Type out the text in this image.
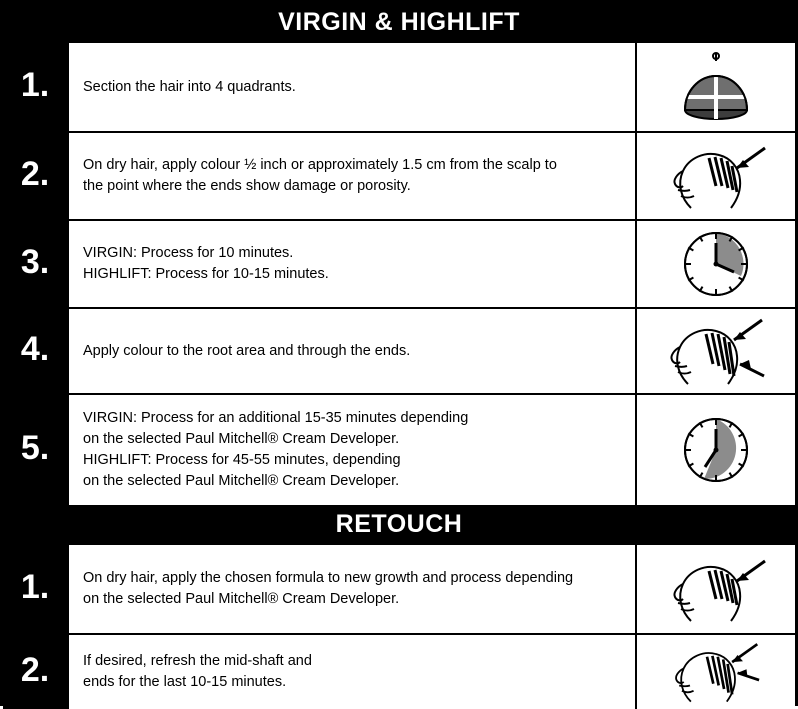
VIRGIN & HIGHLIFT
1.	Section the hair into 4 quadrants.
2.	On dry hair, apply colour ½ inch or approximately 1.5 cm from the scalp to
the point where the ends show damage or porosity.
3.	VIRGIN: Process for 10 minutes.
HIGHLIFT: Process for 10-15 minutes.
4.	Apply colour to the root area and through the ends.
5.
VIRGIN: Process for an additional 15-35 minutes depending
on the selected Paul Mitchell® Cream Developer.
HIGHLIFT: Process for 45-55 minutes, depending
on the selected Paul Mitchell® Cream Developer.
RETOUCH
1.	On dry hair, apply the chosen formula to new growth and process depending
on the selected Paul Mitchell® Cream Developer.
2.	If desired, refresh the mid-shaft and
ends for the last 10-15 minutes.
